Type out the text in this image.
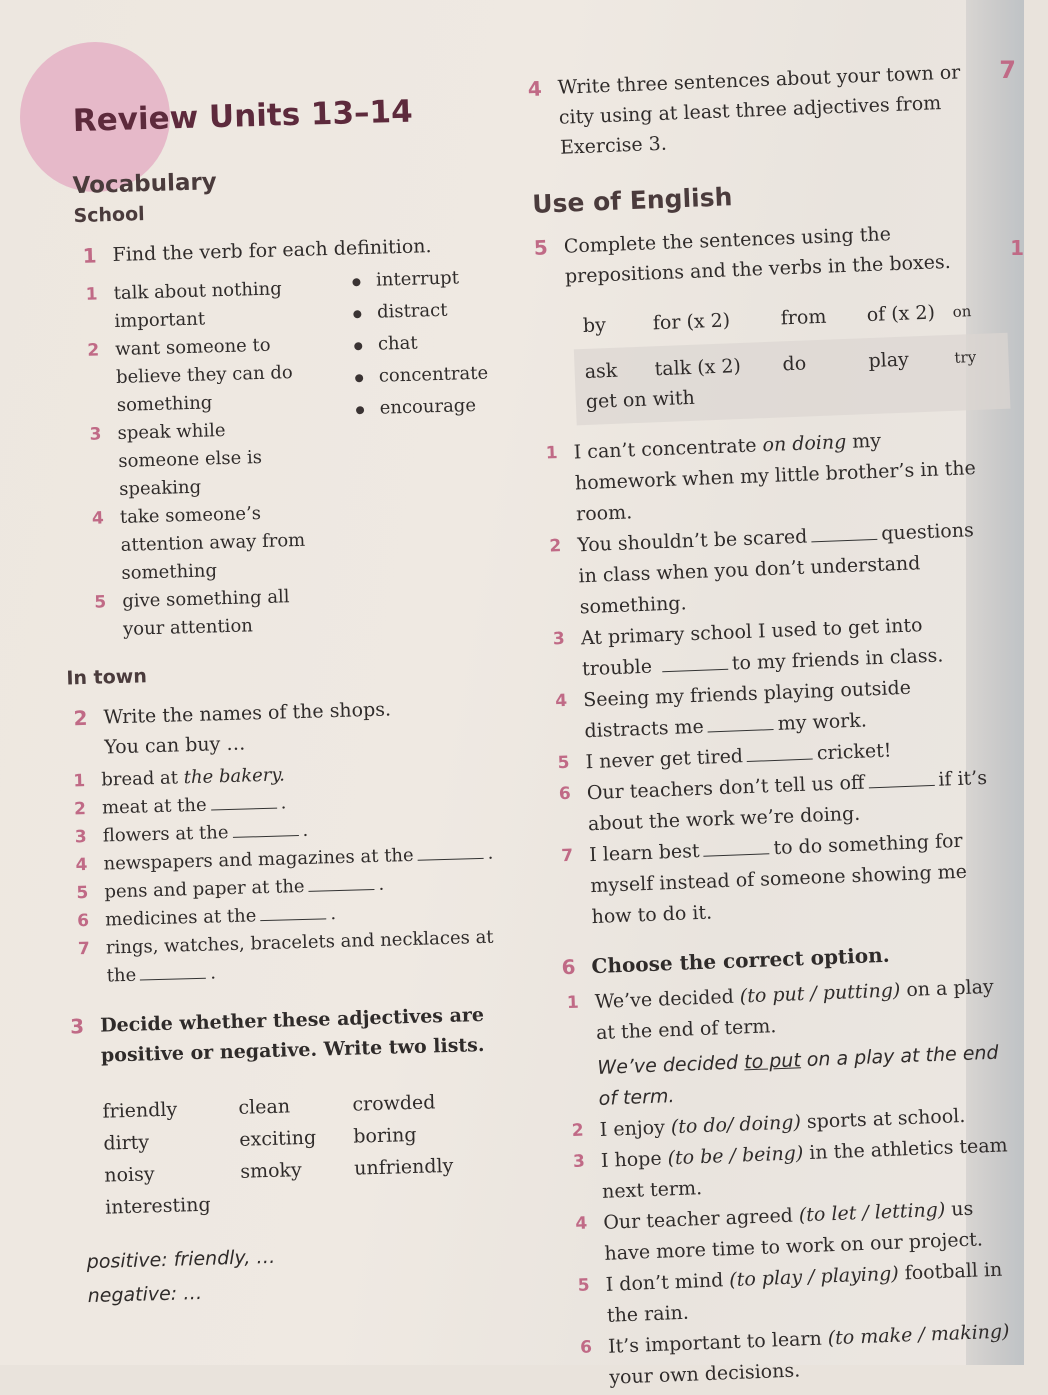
7
1
Review Units 13–14
Vocabulary
School
1 Find the verb for each definition.
1 talk about nothing important
2 want someone to believe they can do something
3 speak while someone else is speaking
4 take someone’s attention away from something
5 give something all your attention
interrupt
distract
chat
concentrate
encourage
In town
2 Write the names of the shops.
You can buy …
1 bread at the bakery.
2 meat at the	.
3 flowers at the	.
4 newspapers and magazines at the	.
5 pens and paper at the	.
6 medicines at the	.
7 rings, watches, bracelets and necklaces at the	.
3 Decide whether these adjectives are positive or negative. Write two lists.
friendly	clean	crowded
dirty	exciting	boring
noisy	smoky	unfriendly
interesting
positive: friendly, …
negative: …
4 Write three sentences about your town or city using at least three adjectives from Exercise 3.
Use of English
5 Complete the sentences using the prepositions and the verbs in the boxes.
by	for (x 2)	from	of (x 2)	on
ask	talk (x 2)	do	play	try
get on with
1 I can’t concentrate on doing my homework when my little brother’s in the room.
2 You shouldn’t be scared	questions in class when you don’t understand something.
3 At primary school I used to get into trouble	to my friends in class.
4 Seeing my friends playing outside distracts me	my work.
5 I never get tired	cricket!
6 Our teachers don’t tell us off	if it’s about the work we’re doing.
7 I learn best	to do something for myself instead of someone showing me how to do it.
6 Choose the correct option.
1 We’ve decided (to put / putting) on a play at the end of term.
We’ve decided to put on a play at the end of term.
2 I enjoy (to do/ doing) sports at school.
3 I hope (to be / being) in the athletics team next term.
4 Our teacher agreed (to let / letting) us have more time to work on our project.
5 I don’t mind (to play / playing) football in the rain.
6 It’s important to learn (to make / making) your own decisions.
